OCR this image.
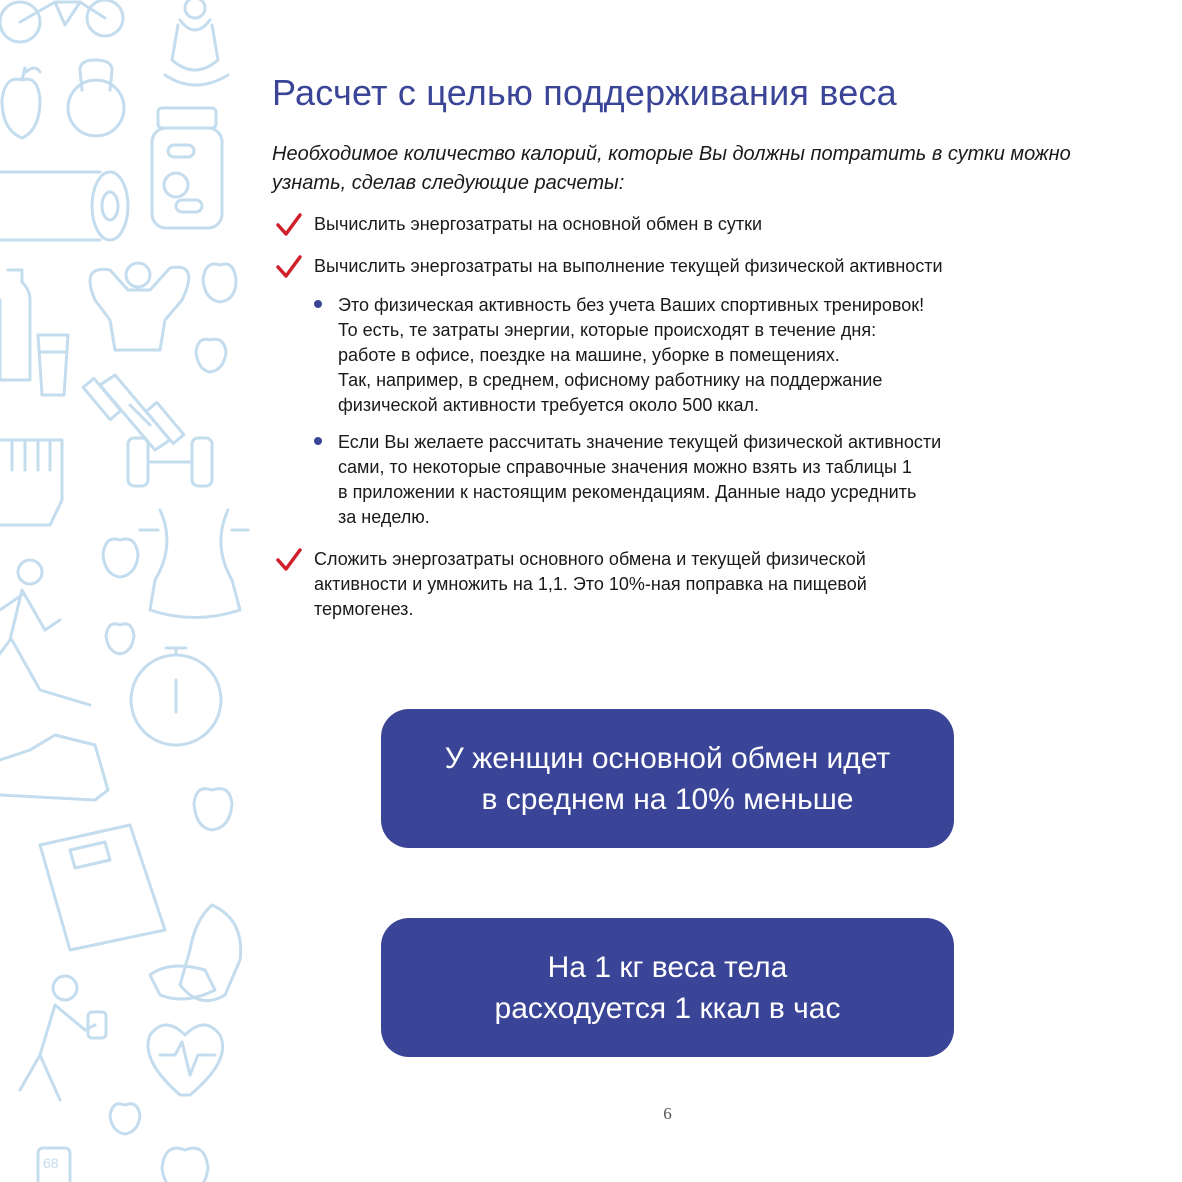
68
Расчет с целью поддерживания веса

Необходимое количество калорий, которые Вы должны потратить в сутки можно узнать, сделав следующие расчеты:

Вычислить энергозатраты на основной обмен в сутки
Вычислить энергозатраты на выполнение текущей физической активности
Это физическая активность без учета Ваших спортивных тренировок!
То есть, те затраты энергии, которые происходят в течение дня:
работе в офисе, поездке на машине, уборке в помещениях.
Так, например, в среднем, офисному работнику на поддержание
физической активности требуется около 500 ккал.
Если Вы желаете рассчитать значение текущей физической активности
сами, то некоторые справочные значения можно взять из таблицы 1
в приложении к настоящим рекомендациям. Данные надо усреднить
за неделю.
Сложить энергозатраты основного обмена и текущей физической
активности и умножить на 1,1. Это 10%-ная поправка на пищевой
термогенез.
У женщин основной обмен идет
в среднем на 10% меньше
На 1 кг веса тела
расходуется 1 ккал в час
6
